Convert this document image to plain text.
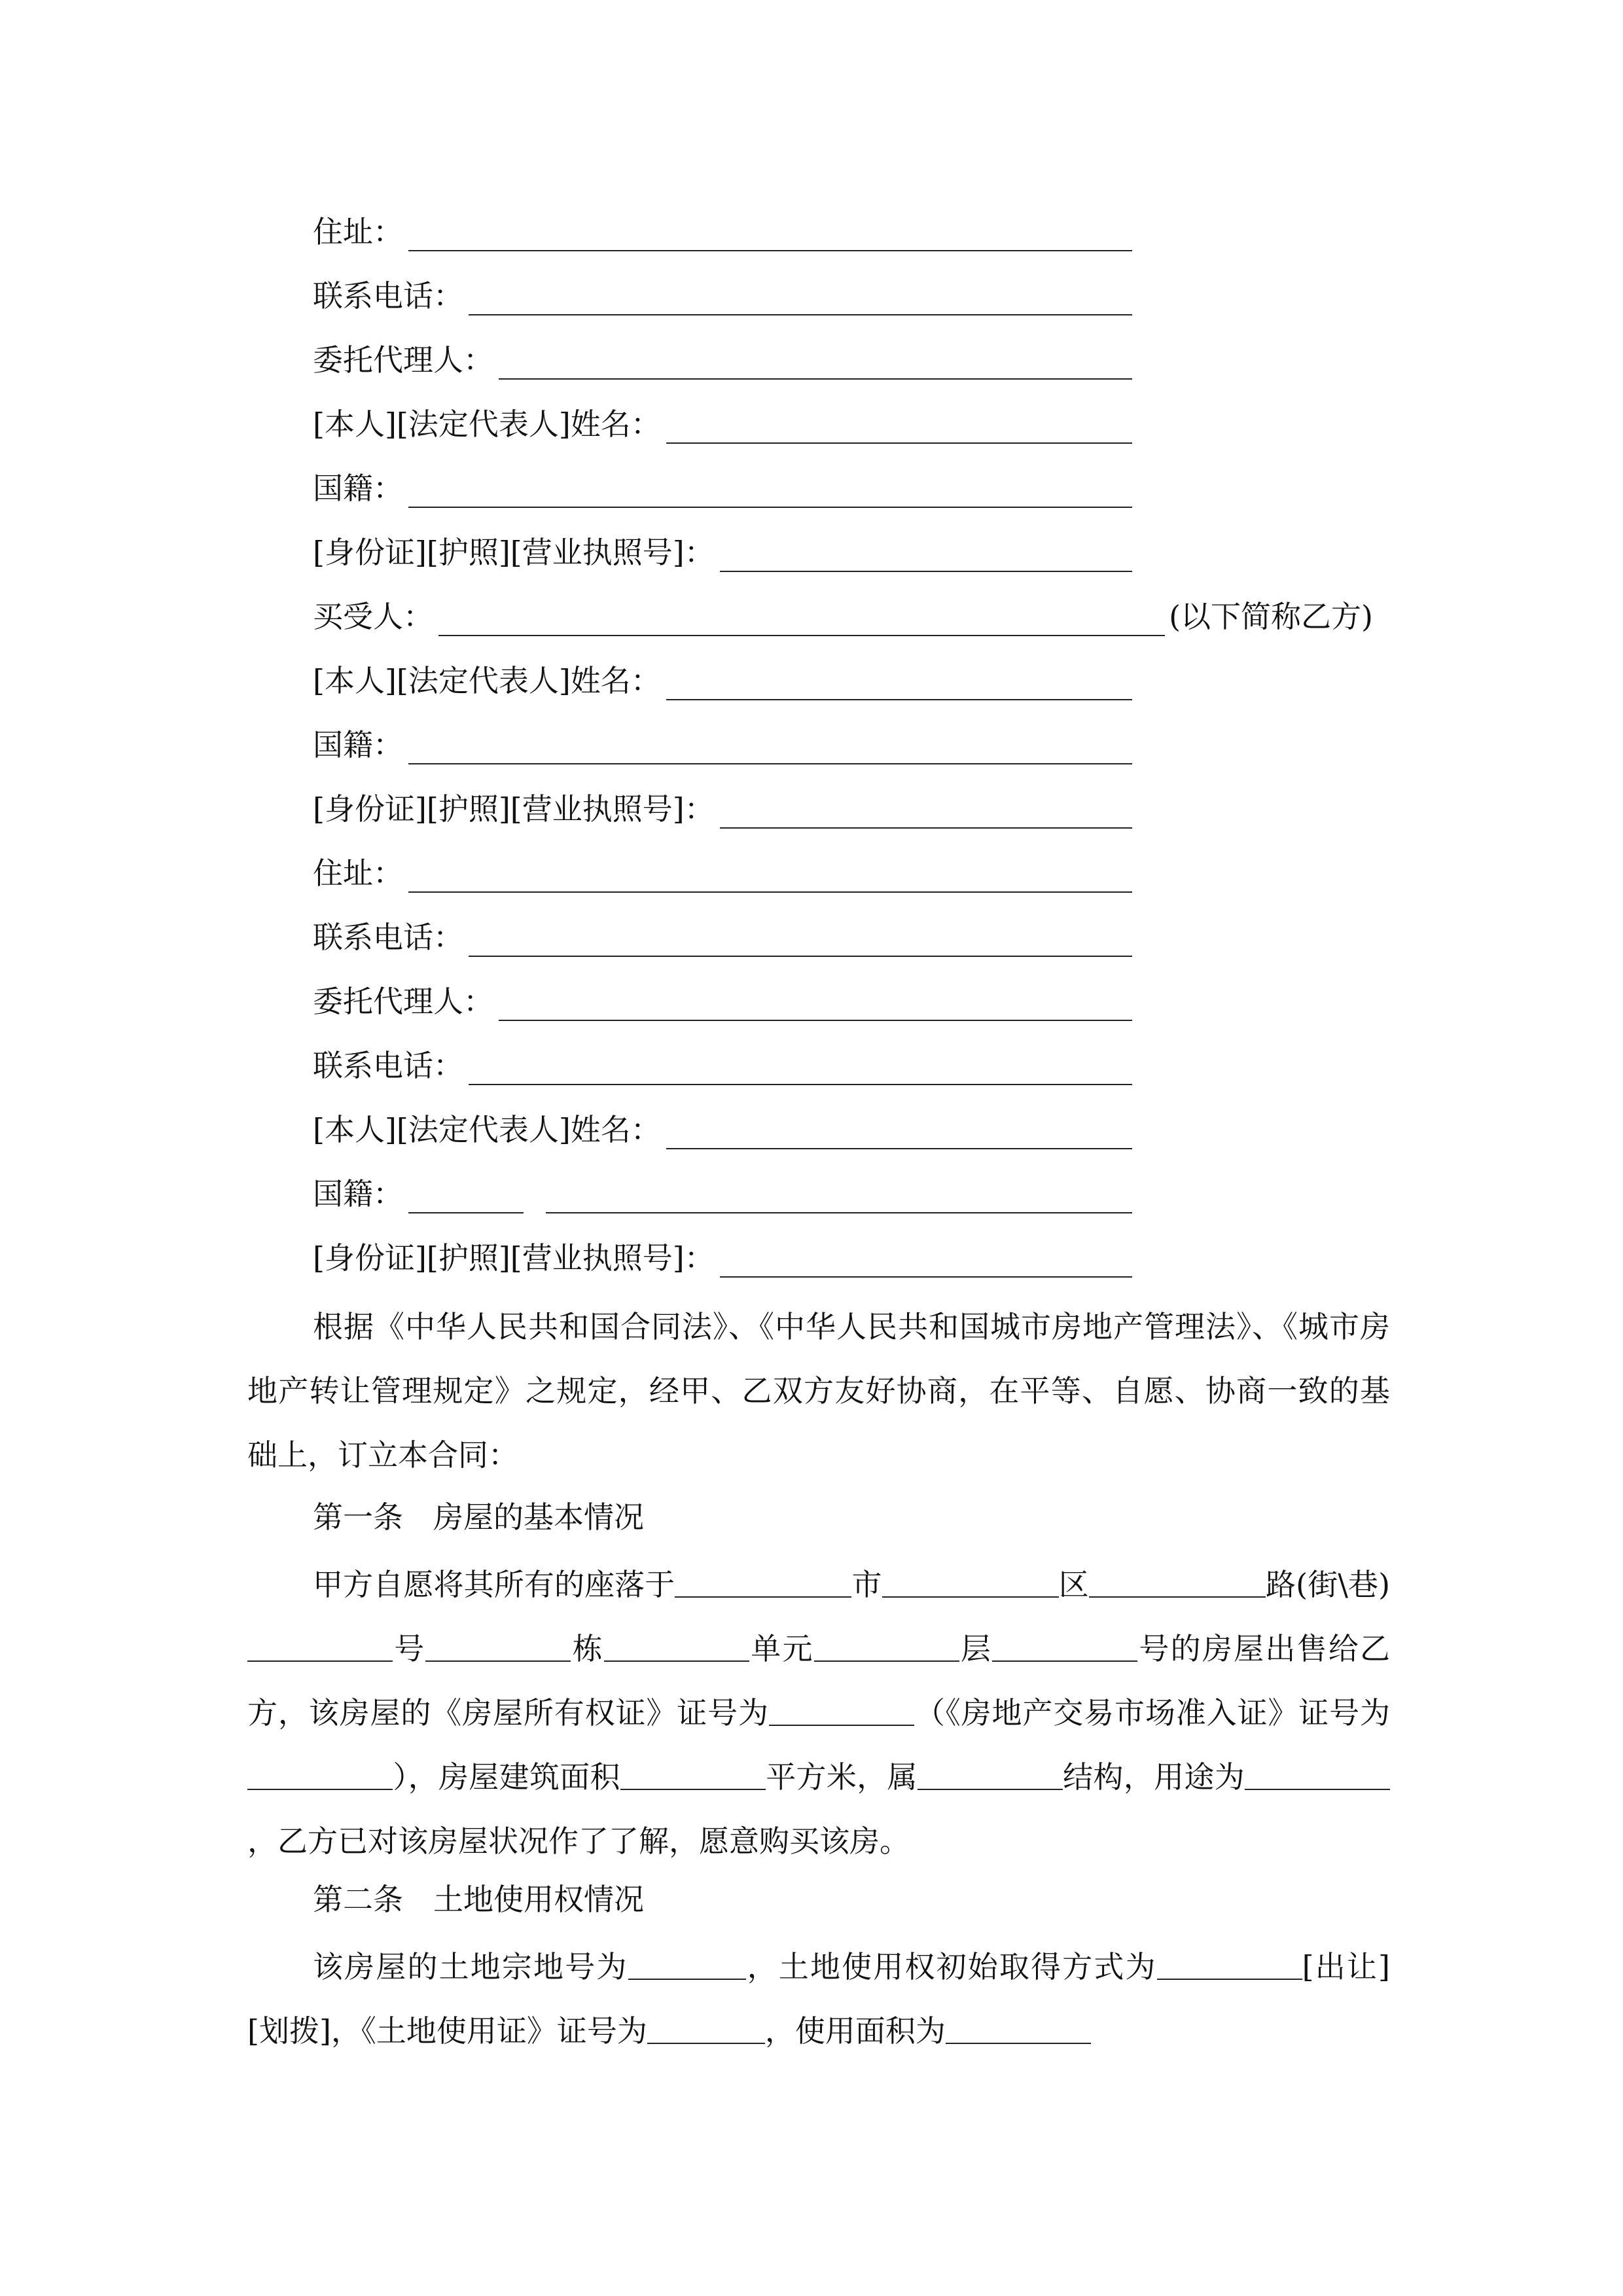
住址：
联系电话：
委托代理人：
[本人][法定代表人]姓名：
国籍：
[身份证][护照][营业执照号]：
买受人：	(以下简称乙方)
[本人][法定代表人]姓名：
国籍：
[身份证][护照][营业执照号]：
住址：
联系电话：
委托代理人：
联系电话：
[本人][法定代表人]姓名：
国籍：
[身份证][护照][营业执照号]：
根据《中华人民共和国合同法》、《中华人民共和国城市房地产管理法》、《城市房地产转让管理规定》之规定，经甲、乙双方友好协商，在平等、自愿、协商一致的基础上，订立本合同：
第一条　房屋的基本情况
甲方自愿将其所有的座落于	市	区	路(街\巷)号	栋	单元	层	号的房屋出售给乙方，该房屋的《房屋所有权证》证号为	（《房地产交易市场准入证》证号为），房屋建筑面积	平方米，属	结构，用途为，乙方已对该房屋状况作了了解，愿意购买该房。
第二条　土地使用权情况
该房屋的土地宗地号为	，土地使用权初始取得方式为	[出让][划拨]，《土地使用证》证号为	，使用面积为
